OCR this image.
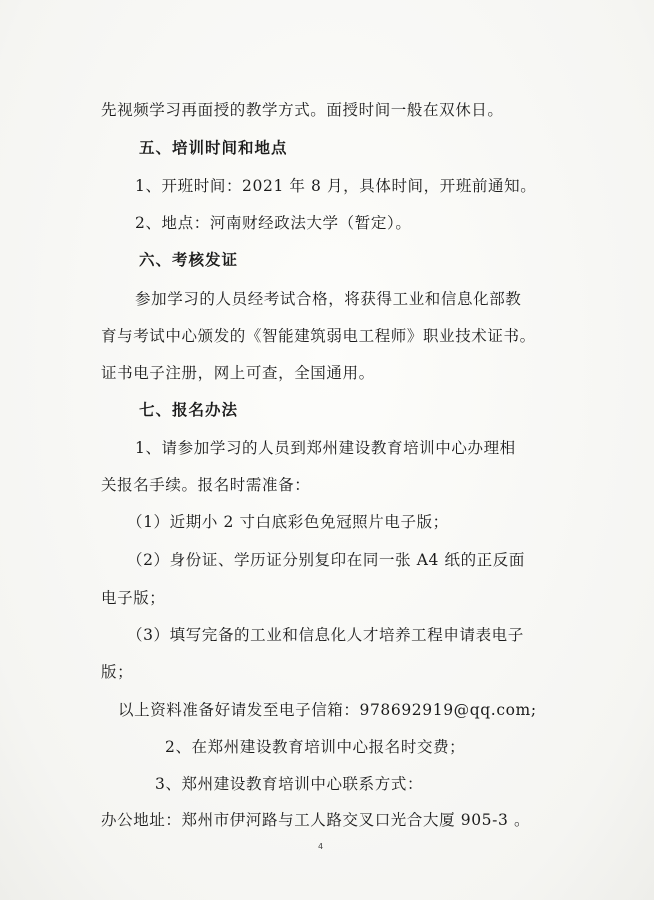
先视频学习再面授的教学方式。面授时间一般在双休日。
五、培训时间和地点
1、开班时间：2021 年 8 月，具体时间，开班前通知。
2、地点：河南财经政法大学（暂定）。
六、考核发证
参加学习的人员经考试合格，将获得工业和信息化部教
育与考试中心颁发的《智能建筑弱电工程师》职业技术证书。
证书电子注册，网上可查，全国通用。
七、报名办法
1、请参加学习的人员到郑州建设教育培训中心办理相
关报名手续。报名时需准备：
（1）近期小 2 寸白底彩色免冠照片电子版；
（2）身份证、学历证分别复印在同一张 A4 纸的正反面
电子版；
（3）填写完备的工业和信息化人才培养工程申请表电子
版；
以上资料准备好请发至电子信箱：978692919@qq.com;
2、在郑州建设教育培训中心报名时交费；
3、郑州建设教育培训中心联系方式：
办公地址：郑州市伊河路与工人路交叉口光合大厦 905-3 。
4
